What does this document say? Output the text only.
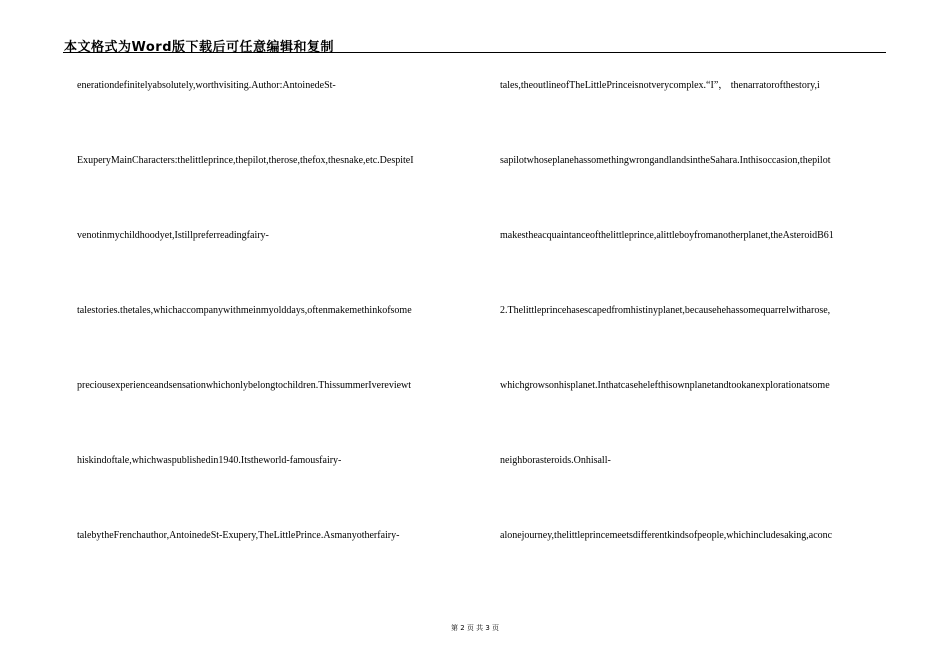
本文格式为Word版下载后可任意编辑和复制
enerationdefinitelyabsolutely,worthvisiting.Author:AntoinedeSt-
ExuperyMainCharacters:thelittleprince,thepilot,therose,thefox,thesnake,etc.DespiteI
venotinmychildhoodyet,Istillpreferreadingfairy-
talestories.thetales,whichaccompanywithmeinmyolddays,oftenmakemethinkofsome
preciousexperienceandsensationwhichonlybelongtochildren.ThissummerIvereviewt
hiskindoftale,whichwaspublishedin1940.Itstheworld-famousfairy-
talebytheFrenchauthor,AntoinedeSt-Exupery,TheLittlePrince.Asmanyotherfairy-
tales,theoutlineofTheLittlePrinceisnotverycomplex.“I”， thenarratorofthestory,i
sapilotwhoseplanehassomethingwrongandlandsintheSahara.Inthisoccasion,thepilot
makestheacquaintanceofthelittleprince,alittleboyfromanotherplanet,theAsteroidB61
2.Thelittleprincehasescapedfromhistinyplanet,becausehehassomequarrelwitharose,
whichgrowsonhisplanet.Inthatcasehelefthisownplanetandtookanexplorationatsome
neighborasteroids.Onhisall-
alonejourney,thelittleprincemeetsdifferentkindsofpeople,whichincludesaking,aconc
第 2 页 共 3 页
